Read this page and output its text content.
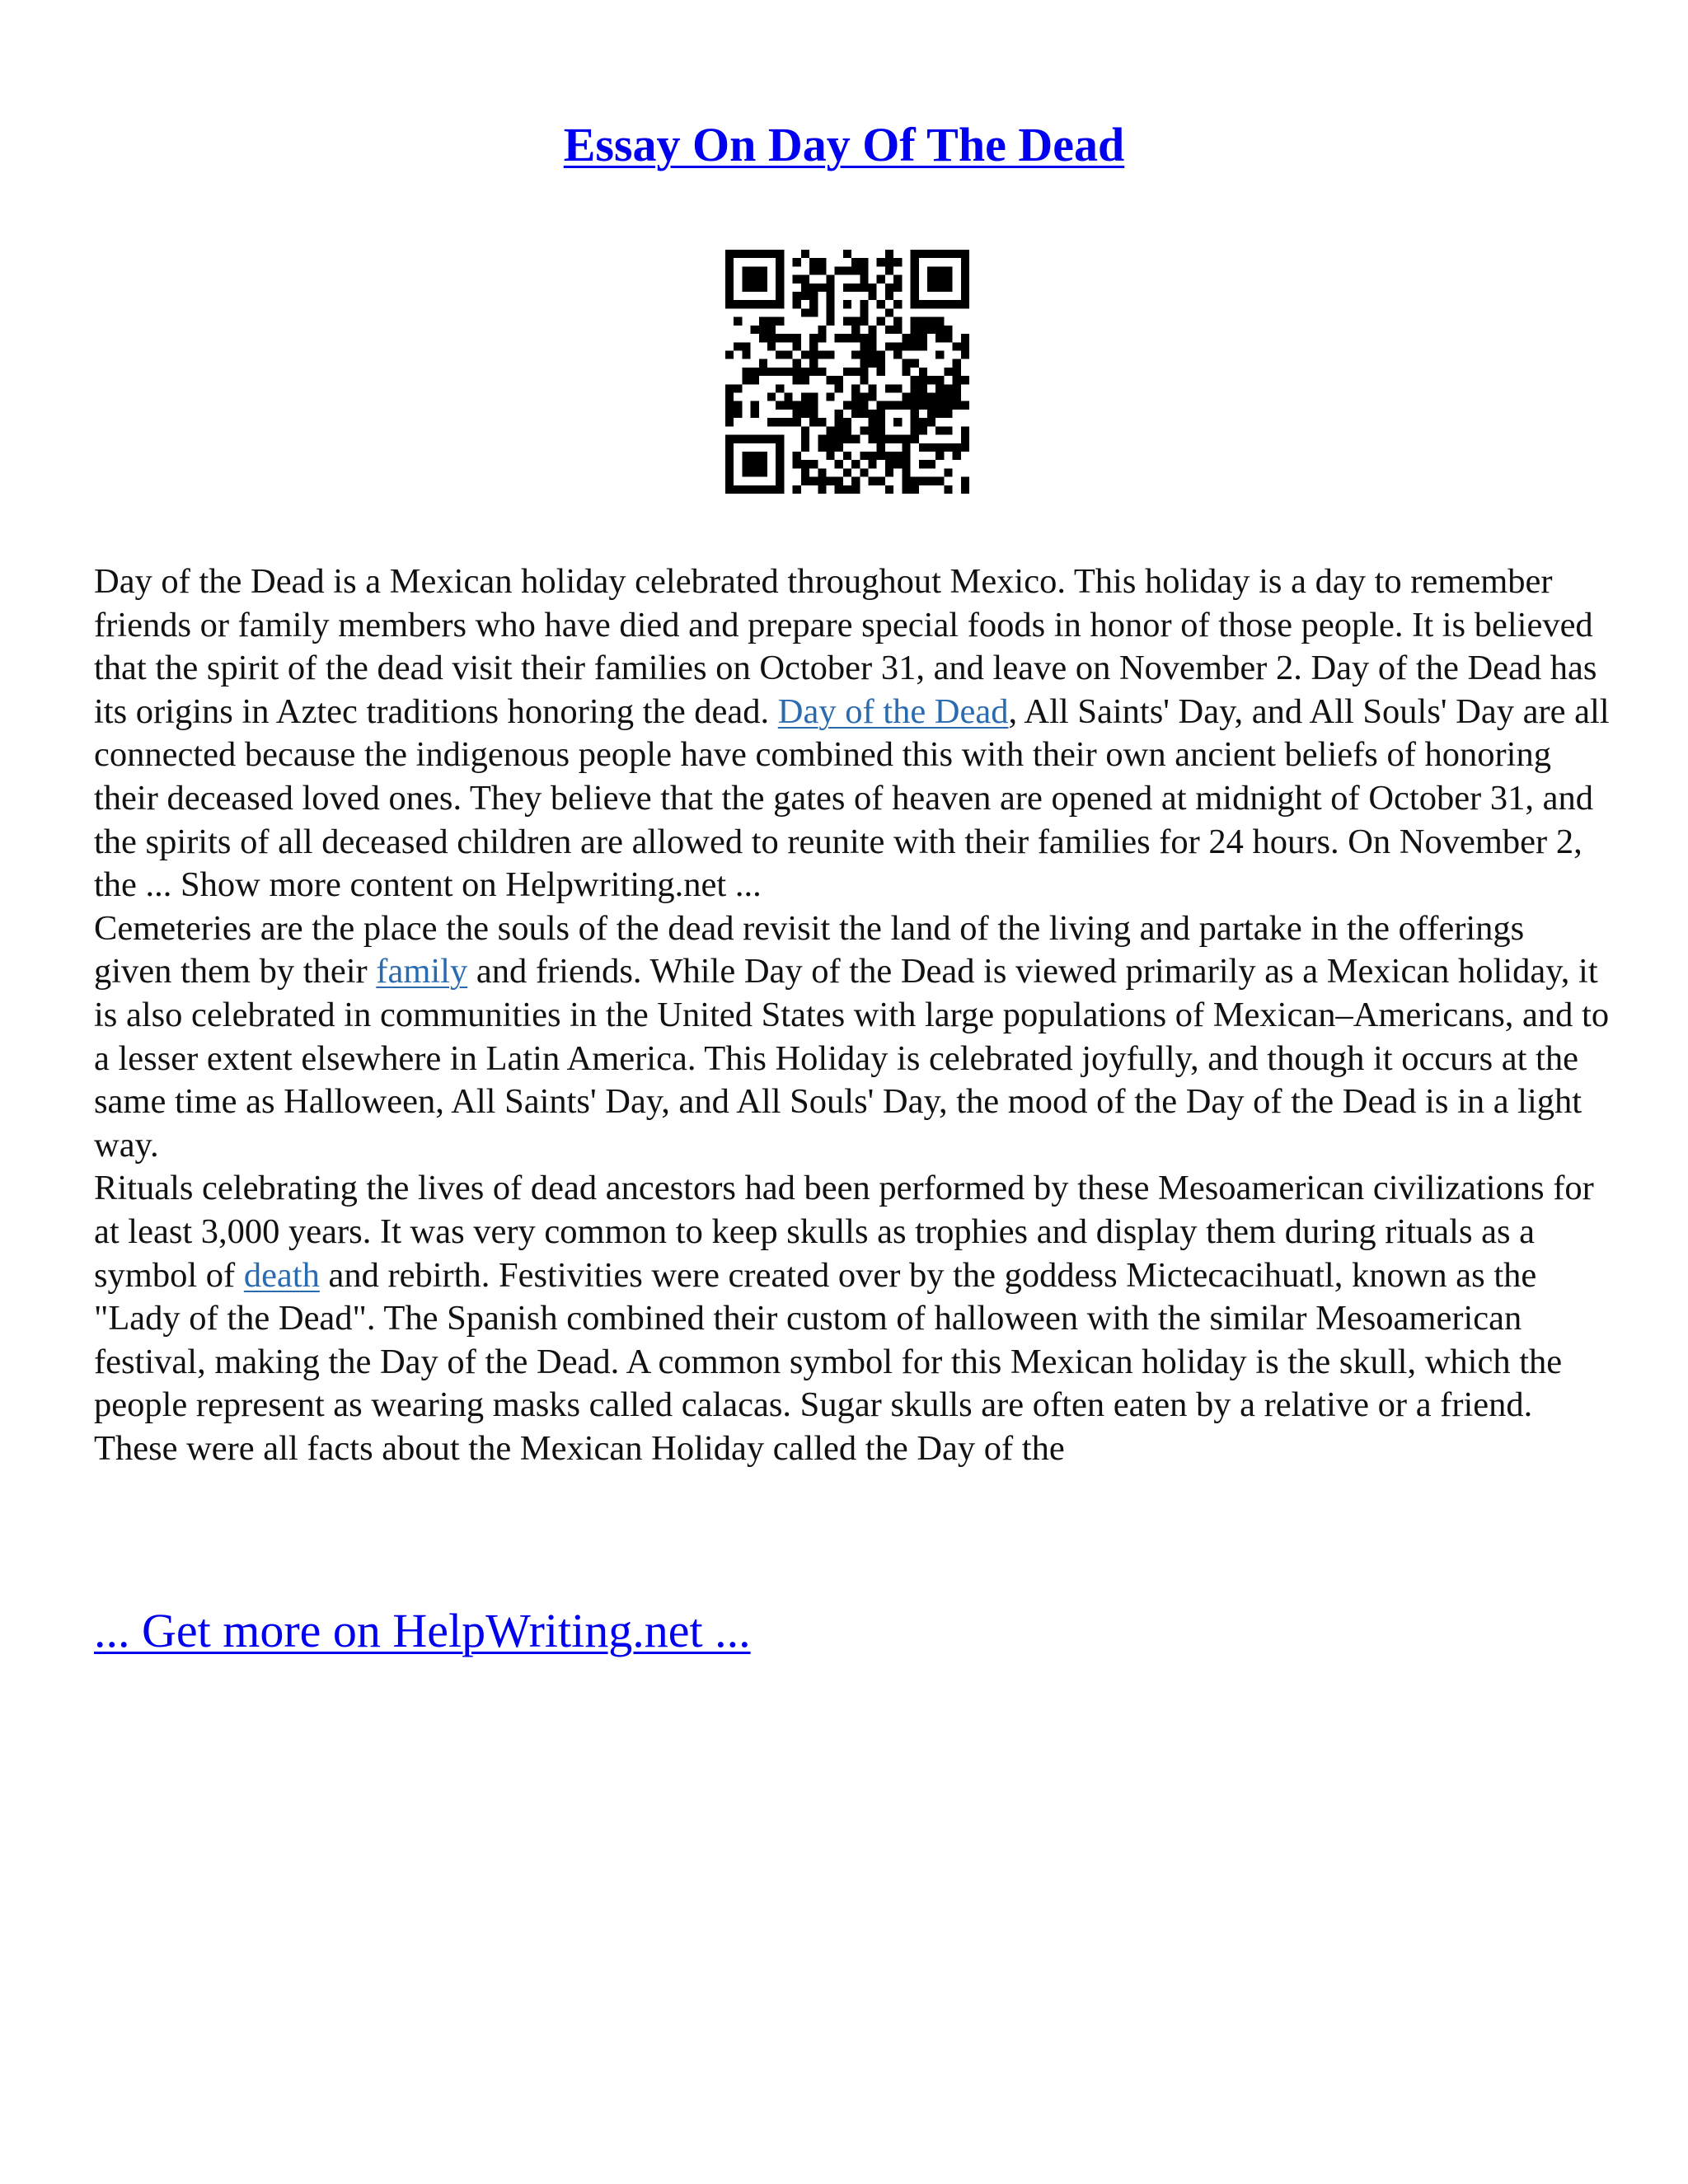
Essay On Day Of The Dead

Day of the Dead is a Mexican holiday celebrated throughout Mexico. This holiday is a day to remember friends or family members who have died and prepare special foods in honor of those people. It is believed that the spirit of the dead visit their families on October 31, and leave on November 2. Day of the Dead has its origins in Aztec traditions honoring the dead. Day of the Dead, All Saints' Day, and All Souls' Day are all connected because the indigenous people have combined this with their own ancient beliefs of honoring their deceased loved ones. They believe that the gates of heaven are opened at midnight of October 31, and the spirits of all deceased children are allowed to reunite with their families for 24 hours. On November 2, the ... Show more content on Helpwriting.net ...

Cemeteries are the place the souls of the dead revisit the land of the living and partake in the offerings given them by their family and friends. While Day of the Dead is viewed primarily as a Mexican holiday, it is also celebrated in communities in the United States with large populations of Mexican–Americans, and to a lesser extent elsewhere in Latin America. This Holiday is celebrated joyfully, and though it occurs at the same time as Halloween, All Saints' Day, and All Souls' Day, the mood of the Day of the Dead is in a light way.

Rituals celebrating the lives of dead ancestors had been performed by these Mesoamerican civilizations for at least 3,000 years. It was very common to keep skulls as trophies and display them during rituals as a symbol of death and rebirth. Festivities were created over by the goddess Mictecacihuatl, known as the "Lady of the Dead". The Spanish combined their custom of halloween with the similar Mesoamerican festival, making the Day of the Dead. A common symbol for this Mexican holiday is the skull, which the people represent as wearing masks called calacas. Sugar skulls are often eaten by a relative or a friend. These were all facts about the Mexican Holiday called the Day of the

... Get more on HelpWriting.net ...
